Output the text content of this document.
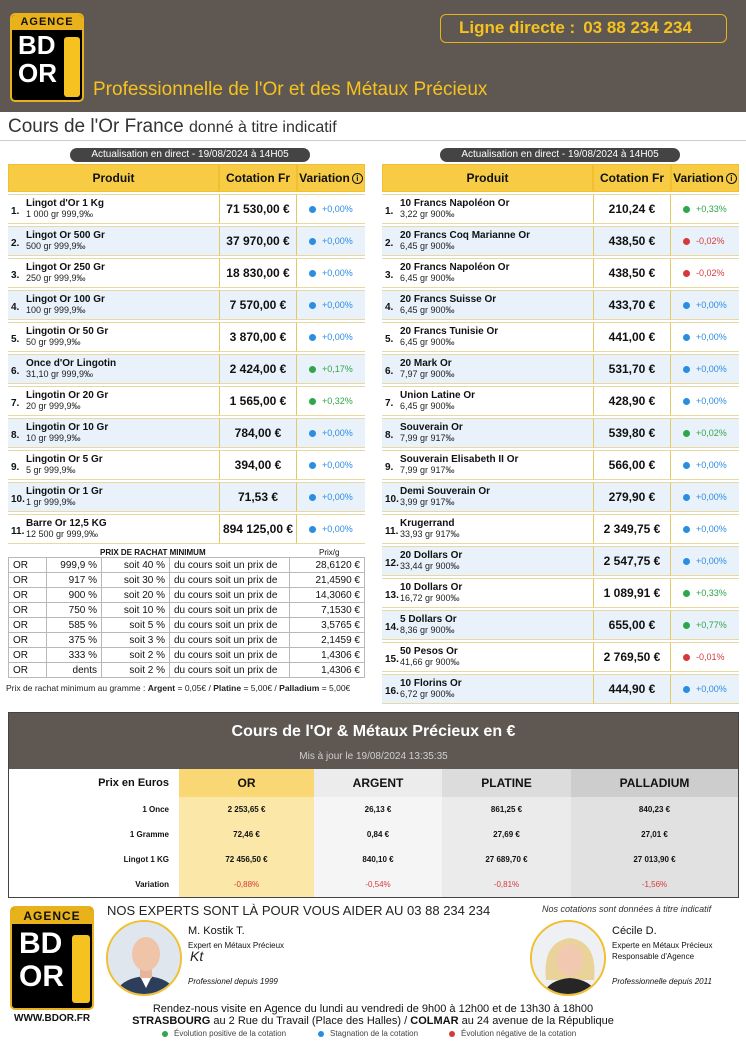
AGENCE
BD
OR
Ligne directe : 03 88 234 234
Professionnelle de l'Or et des Métaux Précieux
Cours de l'Or France donné à titre indicatif
Actualisation en direct - 19/08/2024 à 14H05
Produit	Cotation Fr	Variation i

1.
Lingot d'Or 1 Kg
1 000 gr 999,9‰	71 530,00 €	+0,00%

2.
Lingot Or 500 Gr
500 gr 999,9‰	37 970,00 €	+0,00%

3.
Lingot Or 250 Gr
250 gr 999,9‰	18 830,00 €	+0,00%

4.
Lingot Or 100 Gr
100 gr 999,9‰	7 570,00 €	+0,00%

5.
Lingotin Or 50 Gr
50 gr 999,9‰	3 870,00 €	+0,00%

6.
Once d'Or Lingotin
31,10 gr 999,9‰	2 424,00 €	+0,17%

7.
Lingotin Or 20 Gr
20 gr 999,9‰	1 565,00 €	+0,32%

8.
Lingotin Or 10 Gr
10 gr 999,9‰	784,00 €	+0,00%

9.
Lingotin Or 5 Gr
5 gr 999,9‰	394,00 €	+0,00%

10.
Lingotin Or 1 Gr
1 gr 999,9‰	71,53 €	+0,00%

11.
Barre Or 12,5 KG
12 500 gr 999,9‰	894 125,00 €	+0,00%
PRIX DE RACHAT MINIMUM	Prix/g
OR	999,9 %	soit 40 %	du cours soit un prix de	28,6120 €
OR	917 %	soit 30 %	du cours soit un prix de	21,4590 €
OR	900 %	soit 20 %	du cours soit un prix de	14,3060 €
OR	750 %	soit 10 %	du cours soit un prix de	7,1530 €
OR	585 %	soit 5 %	du cours soit un prix de	3,5765 €
OR	375 %	soit 3 %	du cours soit un prix de	2,1459 €
OR	333 %	soit 2 %	du cours soit un prix de	1,4306 €
OR	dents	soit 2 %	du cours soit un prix de	1,4306 €
Prix de rachat minimum au gramme : Argent = 0,05€ / Platine = 5,00€ / Palladium = 5,00€
Actualisation en direct - 19/08/2024 à 14H05
Produit	Cotation Fr	Variation i

1.
10 Francs Napoléon Or
3,22 gr 900‰	210,24 €	+0,33%

2.
20 Francs Coq Marianne Or
6,45 gr 900‰	438,50 €	-0,02%

3.
20 Francs Napoléon Or
6,45 gr 900‰	438,50 €	-0,02%

4.
20 Francs Suisse Or
6,45 gr 900‰	433,70 €	+0,00%

5.
20 Francs Tunisie Or
6,45 gr 900‰	441,00 €	+0,00%

6.
20 Mark Or
7,97 gr 900‰	531,70 €	+0,00%

7.
Union Latine Or
6,45 gr 900‰	428,90 €	+0,00%

8.
Souverain Or
7,99 gr 917‰	539,80 €	+0,02%

9.
Souverain Elisabeth II Or
7,99 gr 917‰	566,00 €	+0,00%

10.
Demi Souverain Or
3,99 gr 917‰	279,90 €	+0,00%

11.
Krugerrand
33,93 gr 917‰	2 349,75 €	+0,00%

12.
20 Dollars Or
33,44 gr 900‰	2 547,75 €	+0,00%

13.
10 Dollars Or
16,72 gr 900‰	1 089,91 €	+0,33%

14.
5 Dollars Or
8,36 gr 900‰	655,00 €	+0,77%

15.
50 Pesos Or
41,66 gr 900‰	2 769,50 €	-0,01%

16.
10 Florins Or
6,72 gr 900‰	444,90 €	+0,00%
Cours de l'Or & Métaux Précieux en €
Mis à jour le 19/08/2024 13:35:35
Prix en Euros	OR	ARGENT	PLATINE	PALLADIUM
1 Once	2 253,65 €	26,13 €	861,25 €	840,23 €
1 Gramme	72,46 €	0,84 €	27,69 €	27,01 €
Lingot 1 KG	72 456,50 €	840,10 €	27 689,70 €	27 013,90 €
Variation	-0,88%	-0,54%	-0,81%	-1,56%
AGENCE
BD
OR
WWW.BDOR.FR
NOS EXPERTS SONT LÀ POUR VOUS AIDER AU 03 88 234 234	Nos cotations sont données à titre indicatif
M. Kostik T.
Expert en Métaux Précieux
Kt
Professionel depuis 1999
Cécile D.
Experte en Métaux Précieux
Responsable d'Agence
Professionnelle depuis 2011
Rendez-nous visite en Agence du lundi au vendredi de 9h00 à 12h00 et de 13h30 à 18h00
STRASBOURG au 2 Rue du Travail (Place des Halles) / COLMAR au 24 avenue de la République
Évolution positive de la cotation	Stagnation de la cotation	Évolution négative de la cotation
